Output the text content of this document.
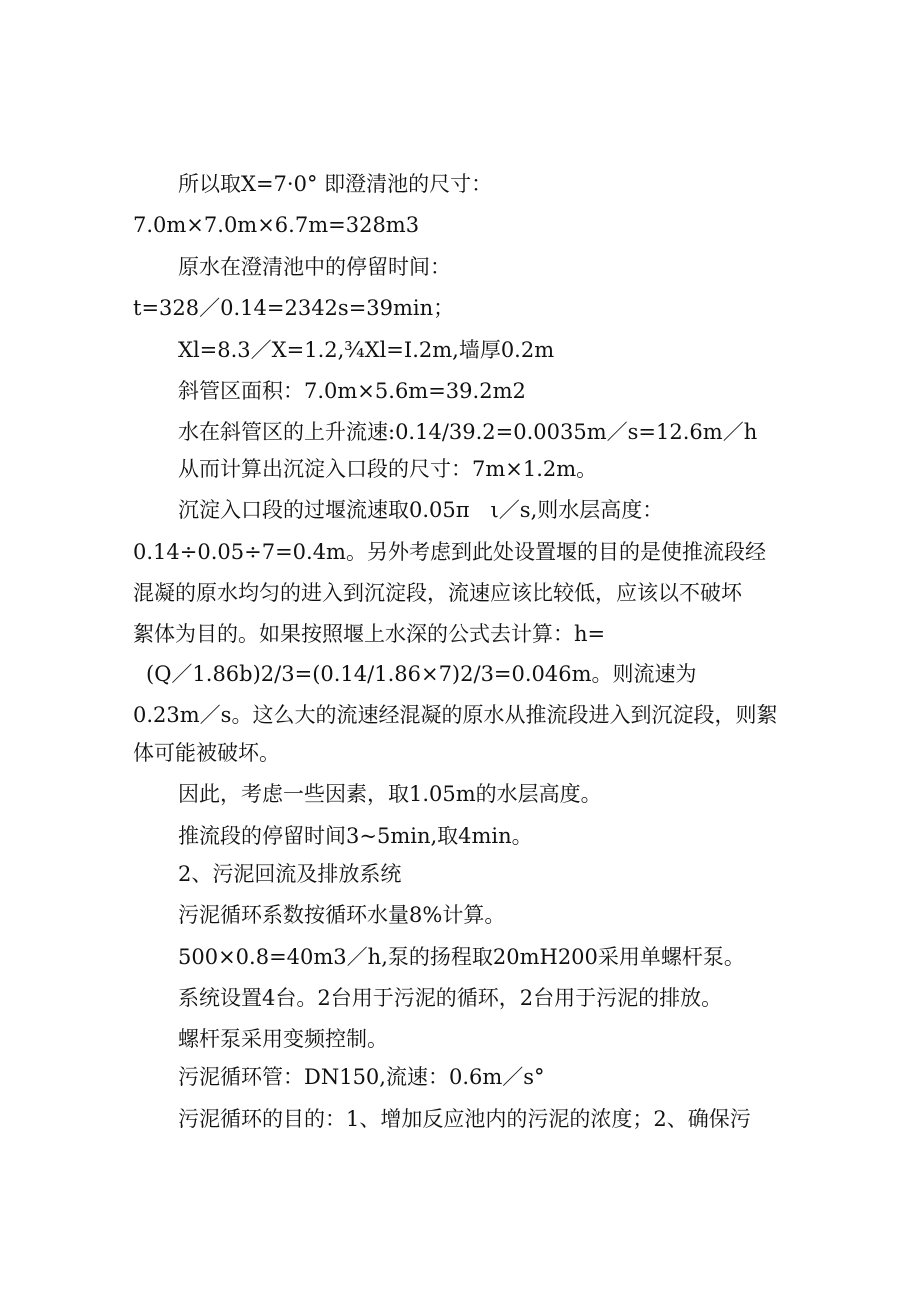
所以取X=7·0° 即澄清池的尺寸：
7.0m×7.0m×6.7m=328m3
原水在澄清池中的停留时间：
t=328／0.14=2342s=39min；
Xl=8.3／X=1.2,¾Xl=I.2m,墙厚0.2m
斜管区面积：7.0m×5.6m=39.2m2
水在斜管区的上升流速:0.14/39.2=0.0035m／s=12.6m／h
从而计算出沉淀入口段的尺寸：7m×1.2m。
沉淀入口段的过堰流速取0.05π　ι／s,则水层高度：
0.14÷0.05÷7=0.4m。另外考虑到此处设置堰的目的是使推流段经
混凝的原水均匀的进入到沉淀段，流速应该比较低，应该以不破坏
絮体为目的。如果按照堰上水深的公式去计算：h=
(Q／1.86b)2/3=(0.14/1.86×7)2/3=0.046m。则流速为
0.23m／s。这么大的流速经混凝的原水从推流段进入到沉淀段，则絮
体可能被破坏。
因此，考虑一些因素，取1.05m的水层高度。
推流段的停留时间3~5min,取4min。
2、污泥回流及排放系统
污泥循环系数按循环水量8%计算。
500×0.8=40m3／h,泵的扬程取20mH200采用单螺杆泵。
系统设置4台。2台用于污泥的循环，2台用于污泥的排放。
螺杆泵采用变频控制。
污泥循环管：DN150,流速：0.6m／s°
污泥循环的目的：1、增加反应池内的污泥的浓度；2、确保污
